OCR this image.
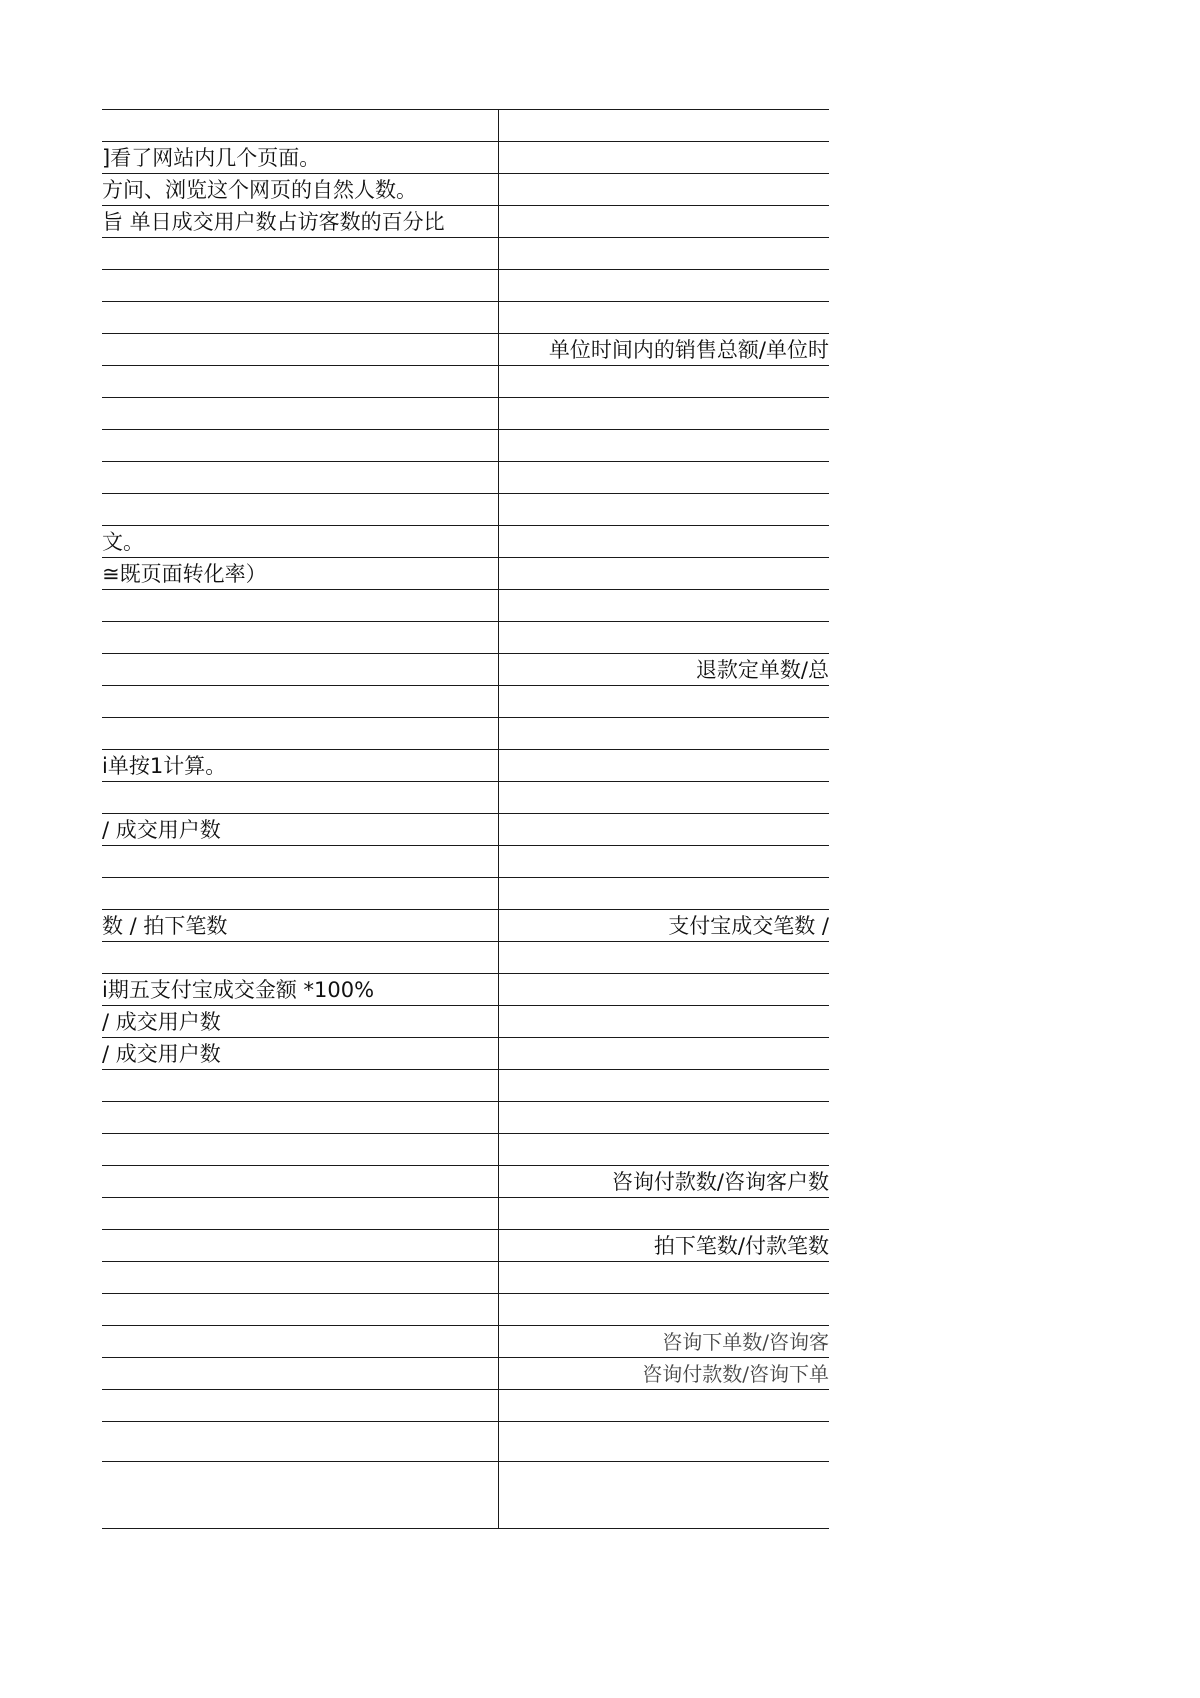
]看了网站内几个页面。	
方问、浏览这个网页的自然人数。	
旨 单日成交用户数占访客数的百分比	

	单位时间内的销售总额/单位时

文。	
≅既页面转化率）	

	退款定单数/总

ⅰ单按1计算。	

/ 成交用户数	

数 / 拍下笔数	支付宝成交笔数 /

ⅰ期五支付宝成交金额 *100%	
/ 成交用户数	
/ 成交用户数	

	咨询付款数/咨询客户数

	拍下笔数/付款笔数

	咨询下单数/咨询客
	咨询付款数/咨询下单
